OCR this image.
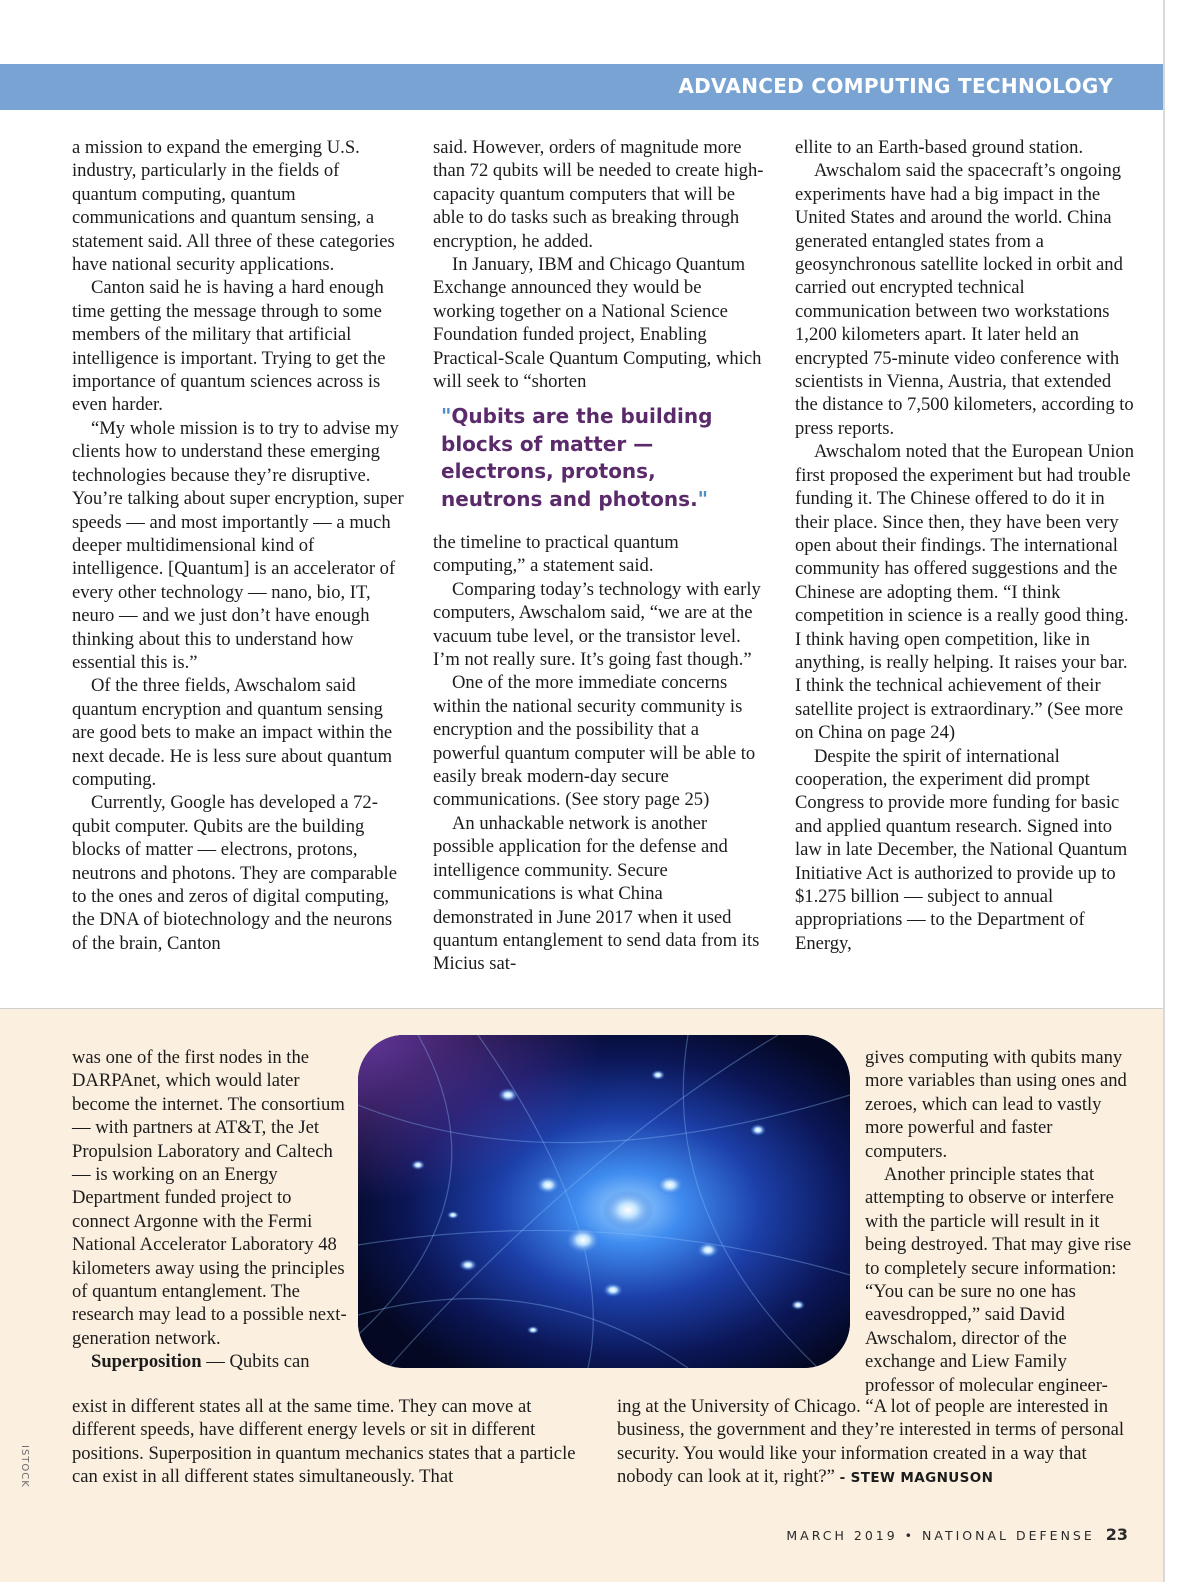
ADVANCED COMPUTING TECHNOLOGY

a mission to expand the emerging U.S. industry, particularly in the fields of quantum computing, quantum communications and quantum sensing, a statement said. All three of these categories have national security applications.

Canton said he is having a hard enough time getting the message through to some members of the military that artificial intelligence is important. Trying to get the importance of quantum sciences across is even harder.

“My whole mission is to try to advise my clients how to understand these emerging technologies because they’re disruptive. You’re talking about super encryption, super speeds — and most importantly — a much deeper multidimensional kind of intelligence. [Quantum] is an accelerator of every other technology — nano, bio, IT, neuro — and we just don’t have enough thinking about this to understand how essential this is.”

Of the three fields, Awschalom said quantum encryption and quantum sensing are good bets to make an impact within the next decade. He is less sure about quantum computing.

Currently, Google has developed a 72-qubit computer. Qubits are the building blocks of matter — electrons, protons, neutrons and photons. They are comparable to the ones and zeros of digital computing, the DNA of biotechnology and the neurons of the brain, Canton

said. However, orders of magnitude more than 72 qubits will be needed to create high-capacity quantum computers that will be able to do tasks such as breaking through encryption, he added.

In January, IBM and Chicago Quantum Exchange announced they would be working together on a National Science Foundation funded project, Enabling Practical-Scale Quantum Computing, which will seek to “shorten

"Qubits are the building blocks of matter — electrons, protons, neutrons and photons."

the timeline to practical quantum computing,” a statement said.

Comparing today’s technology with early computers, Awschalom said, “we are at the vacuum tube level, or the transistor level. I’m not really sure. It’s going fast though.”

One of the more immediate concerns within the national security community is encryption and the possibility that a powerful quantum computer will be able to easily break modern-day secure communications. (See story page 25)

An unhackable network is another possible application for the defense and intelligence community. Secure communications is what China demonstrated in June 2017 when it used quantum entanglement to send data from its Micius sat-

ellite to an Earth-based ground station.

Awschalom said the spacecraft’s ongoing experiments have had a big impact in the United States and around the world. China generated entangled states from a geosynchronous satellite locked in orbit and carried out encrypted technical communication between two workstations 1,200 kilometers apart. It later held an encrypted 75-minute video conference with scientists in Vienna, Austria, that extended the distance to 7,500 kilometers, according to press reports.

Awschalom noted that the European Union first proposed the experiment but had trouble funding it. The Chinese offered to do it in their place. Since then, they have been very open about their findings. The international community has offered suggestions and the Chinese are adopting them. “I think competition in science is a really good thing. I think having open competition, like in anything, is really helping. It raises your bar. I think the technical achievement of their satellite project is extraordinary.” (See more on China on page 24)

Despite the spirit of international cooperation, the experiment did prompt Congress to provide more funding for basic and applied quantum research. Signed into law in late December, the National Quantum Initiative Act is authorized to provide up to $1.275 billion — subject to annual appropriations — to the Department of Energy,

was one of the first nodes in the DARPAnet, which would later become the internet. The consortium — with partners at AT&T, the Jet Propulsion Laboratory and Caltech — is working on an Energy Department funded project to connect Argonne with the Fermi National Accelerator Laboratory 48 kilometers away using the principles of quantum entanglement. The research may lead to a possible next-generation network.

Superposition — Qubits can

gives computing with qubits many more variables than using ones and zeroes, which can lead to vastly more powerful and faster computers.

Another principle states that attempting to observe or interfere with the particle will result in it being destroyed. That may give rise to completely secure information: “You can be sure no one has eavesdropped,” said David Awschalom, director of the exchange and Liew Family professor of molecular engineer-

exist in different states all at the same time. They can move at different speeds, have different energy levels or sit in different positions. Superposition in quantum mechanics states that a particle can exist in all different states simultaneously. That

ing at the University of Chicago. “A lot of people are interested in business, the government and they’re interested in terms of personal security. You would like your information created in a way that nobody can look at it, right?” - STEW MAGNUSON

ISTOCK
MARCH 2019 • NATIONAL DEFENSE 23
